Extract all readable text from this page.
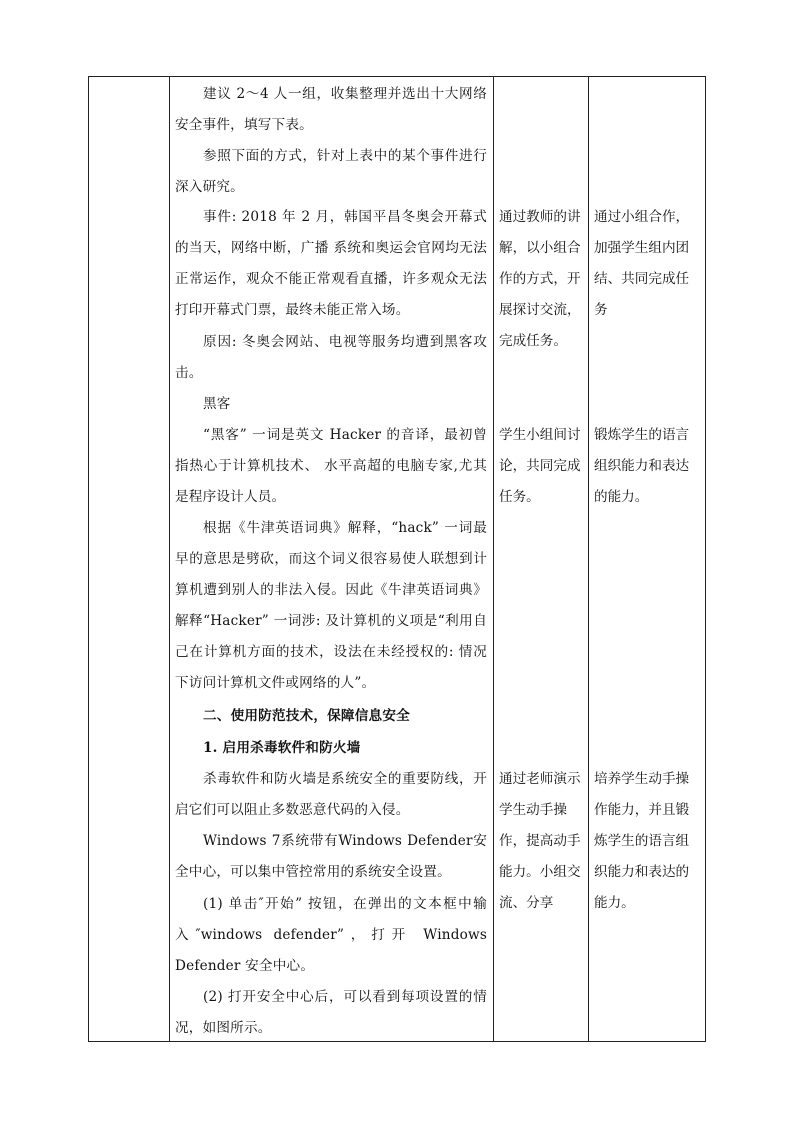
建议 2～4 人一组，收集整理并选出十大网络安全事件，填写下表。

参照下面的方式，针对上表中的某个事件进行深入研究。

事件: 2018 年 2 月，韩国平昌冬奥会开幕式的当天，网络中断，广播 系统和奥运会官网均无法正常运作，观众不能正常观看直播，许多观众无法打印开幕式门票，最终未能正常入场。

原因: 冬奥会网站、电视等服务均遭到黑客攻击。

黑客

“黑客” 一词是英文 Hacker 的音译，最初曾指热心于计算机技术、 水平高超的电脑专家,尤其是程序设计人员。

根据《牛津英语词典》解释，“hack” 一词最早的意思是劈砍，而这个词义很容易使人联想到计算机遭到别人的非法入侵。因此《牛津英语词典》解释“Hacker” 一词涉: 及计算机的义项是“利用自己在计算机方面的技术，设法在未经授权的: 情况下访问计算机文件或网络的人”。

二、使用防范技术，保障信息安全

1. 启用杀毒软件和防火墙

杀毒软件和防火墙是系统安全的重要防线，开启它们可以阻止多数恶意代码的入侵。

Windows 7系统带有Windows Defender安全中心，可以集中管控常用的系统安全设置。

(1) 单击″开始” 按钮，在弹出的文本框中输入″windows defender”，打开 Windows Defender 安全中心。

(2) 打开安全中心后，可以看到每项设置的情况，如图所示。

通过教师的讲解，以小组合作的方式，开展探讨交流，完成任务。

学生小组间讨论，共同完成任务。

通过老师演示学生动手操作，提高动手能力。小组交流、分享

通过小组合作，加强学生组内团结、共同完成任务

锻炼学生的语言组织能力和表达的能力。

培养学生动手操作能力，并且锻炼学生的语言组织能力和表达的能力。
